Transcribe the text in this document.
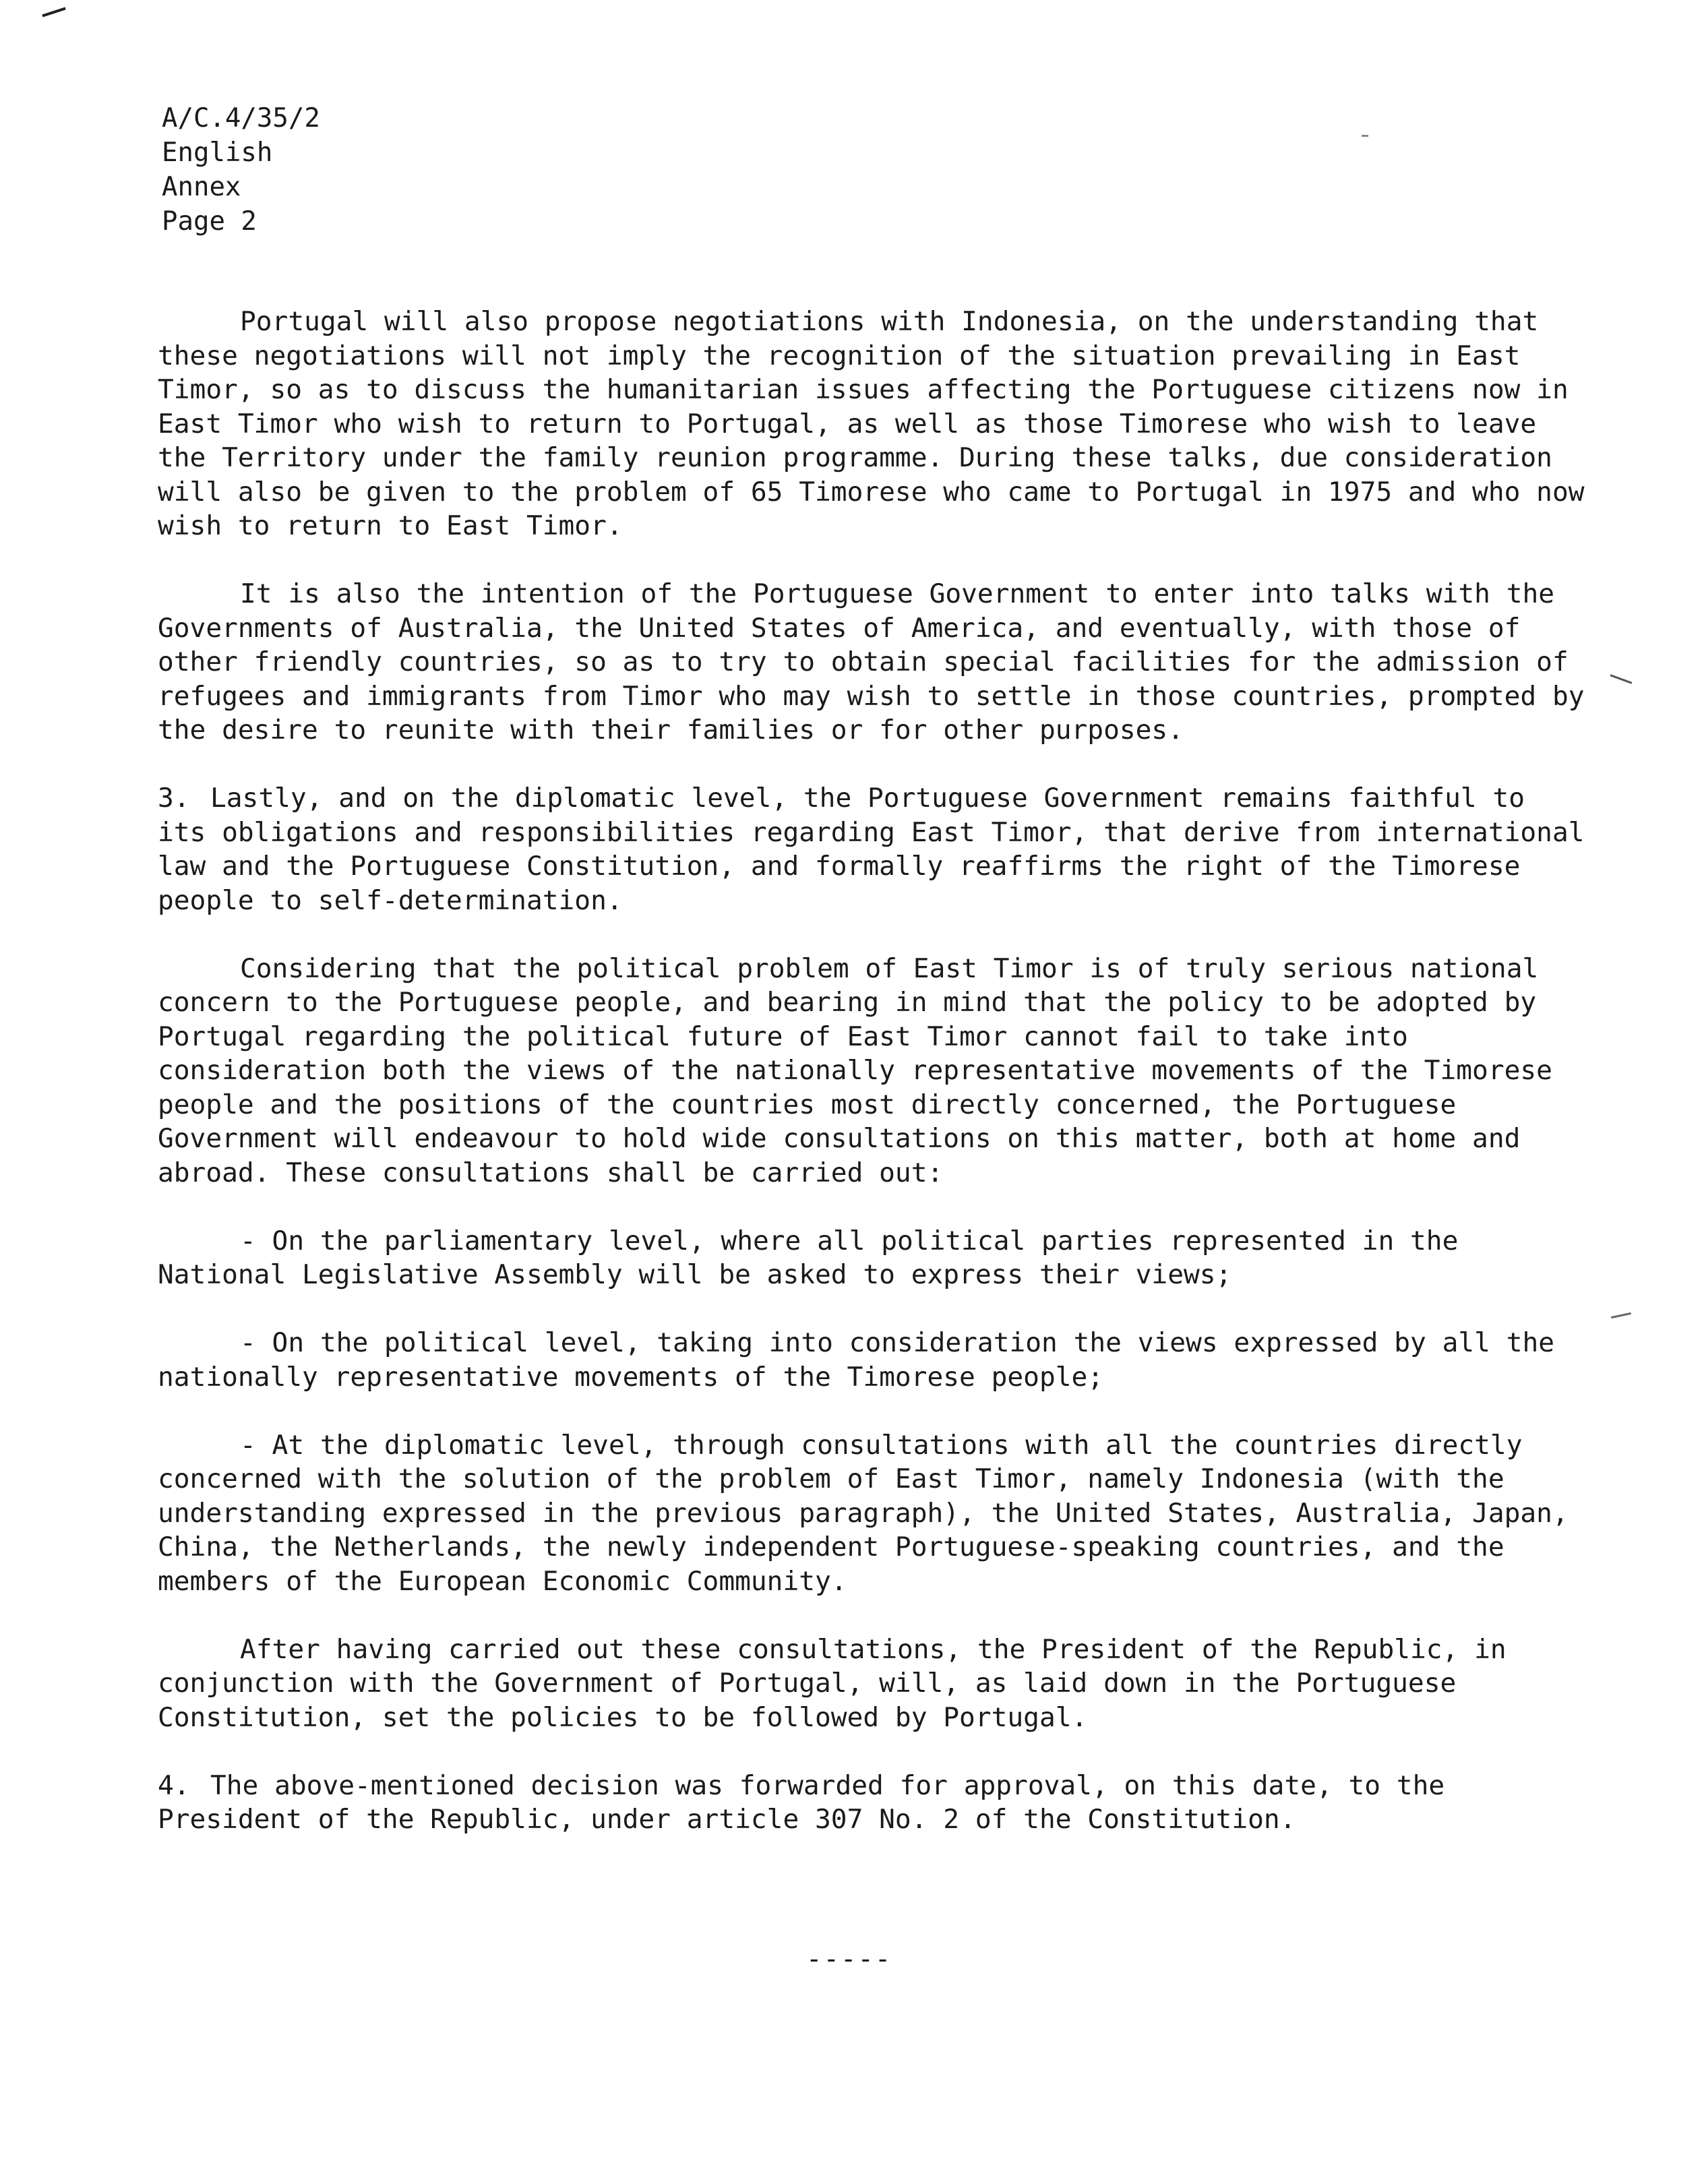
A/C.4/35/2
English
Annex
Page 2

Portugal will also propose negotiations with Indonesia, on the understanding that these negotiations will not imply the recognition of the situation prevailing in East Timor, so as to discuss the humanitarian issues affecting the Portuguese citizens now in East Timor who wish to return to Portugal, as well as those Timorese who wish to leave the Territory under the family reunion programme. During these talks, due consideration will also be given to the problem of 65 Timorese who came to Portugal in 1975 and who now wish to return to East Timor.

It is also the intention of the Portuguese Government to enter into talks with the Governments of Australia, the United States of America, and eventually, with those of other friendly countries, so as to try to obtain special facilities for the admission of refugees and immigrants from Timor who may wish to settle in those countries, prompted by the desire to reunite with their families or for other purposes.

3. Lastly, and on the diplomatic level, the Portuguese Government remains faithful to its obligations and responsibilities regarding East Timor, that derive from international law and the Portuguese Constitution, and formally reaffirms the right of the Timorese people to self-determination.

Considering that the political problem of East Timor is of truly serious national concern to the Portuguese people, and bearing in mind that the policy to be adopted by Portugal regarding the political future of East Timor cannot fail to take into consideration both the views of the nationally representative movements of the Timorese people and the positions of the countries most directly concerned, the Portuguese Government will endeavour to hold wide consultations on this matter, both at home and abroad. These consultations shall be carried out:

- On the parliamentary level, where all political parties represented in the National Legislative Assembly will be asked to express their views;

- On the political level, taking into consideration the views expressed by all the nationally representative movements of the Timorese people;

- At the diplomatic level, through consultations with all the countries directly concerned with the solution of the problem of East Timor, namely Indonesia (with the understanding expressed in the previous paragraph), the United States, Australia, Japan, China, the Netherlands, the newly independent Portuguese-speaking countries, and the members of the European Economic Community.

After having carried out these consultations, the President of the Republic, in conjunction with the Government of Portugal, will, as laid down in the Portuguese Constitution, set the policies to be followed by Portugal.

4. The above-mentioned decision was forwarded for approval, on this date, to the President of the Republic, under article 307 No. 2 of the Constitution.

-----
